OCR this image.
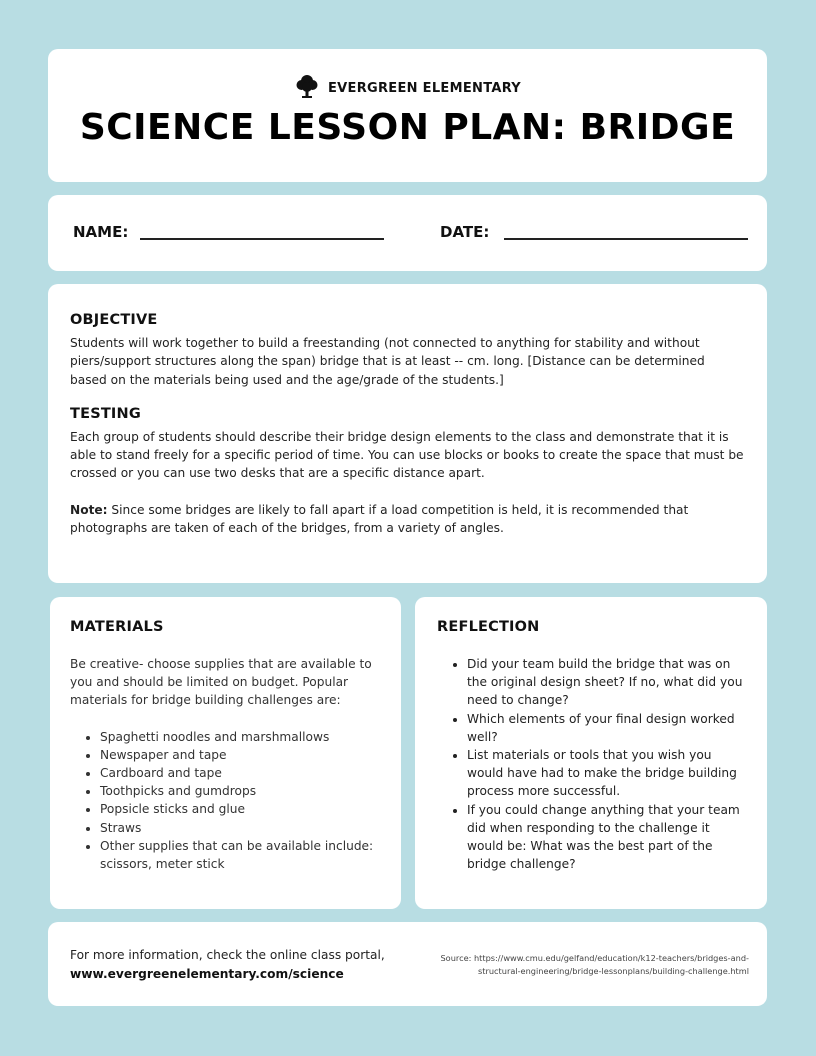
EVERGREEN ELEMENTARY
SCIENCE LESSON PLAN: BRIDGE
NAME:	DATE:
OBJECTIVE

Students will work together to build a freestanding (not connected to anything for stability and without piers/support structures along the span) bridge that is at least -- cm. long. [Distance can be determined based on the materials being used and the age/grade of the students.]

TESTING

Each group of students should describe their bridge design elements to the class and demonstrate that it is able to stand freely for a specific period of time. You can use blocks or books to create the space that must be crossed or you can use two desks that are a specific distance apart.

Note: Since some bridges are likely to fall apart if a load competition is held, it is recommended that photographs are taken of each of the bridges, from a variety of angles.

MATERIALS

Be creative- choose supplies that are available to you and should be limited on budget. Popular materials for bridge building challenges are:

• Spaghetti noodles and marshmallows
• Newspaper and tape
• Cardboard and tape
• Toothpicks and gumdrops
• Popsicle sticks and glue
• Straws
• Other supplies that can be available include: scissors, meter stick
REFLECTION
• Did your team build the bridge that was on the original design sheet? If no, what did you need to change?
• Which elements of your final design worked well?
• List materials or tools that you wish you would have had to make the bridge building process more successful.
• If you could change anything that your team did when responding to the challenge it would be: What was the best part of the bridge challenge?
For more information, check the online class portal, www.evergreenelementary.com/science
Source: https://www.cmu.edu/gelfand/education/k12-teachers/bridges-and-structural-engineering/bridge-lessonplans/building-challenge.html
